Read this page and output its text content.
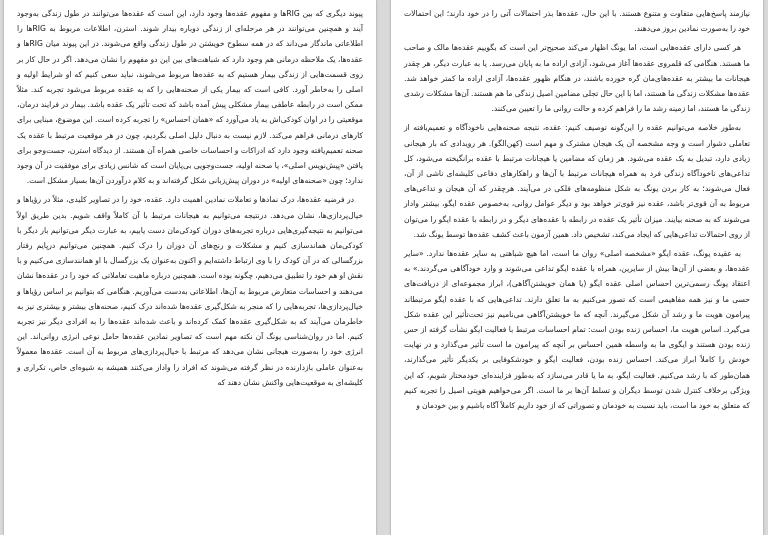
پیوند دیگری که بین RIGها و مفهوم عقده‌ها وجود دارد، این است که عقده‌ها می‌توانند در طول زندگی به‌وجود آیند و همچنین می‌توانند در هر مرحله‌ای از زندگی دوباره بیدار شوند. استرن، اطلاعات مربوط به RIGها را اطلاعاتی ماندگار می‌داند که در همه سطوح خویشتن در طول زندگی واقع می‌شوند. در این پیوند میان RIGها و عقده‌ها، یک ملاحظه درمانی هم وجود دارد که شباهت‌های بین این دو مفهوم را نشان می‌دهد. اگر در حال کار بر روی قسمت‌هایی از زندگی بیمار هستیم که به عقده‌ها مربوط می‌شوند، نباید سعی کنیم که او شرایط اولیه و اصلی را به‌خاطر آورد. کافی است که بیمار یکی از صحنه‌هایی را که به عقده مربوط می‌شود تجربه کند. مثلاً ممکن است در رابطه عاطفی بیمار مشکلی پیش آمده باشد که تحت تأثیر یک عقده باشد. بیمار در فرایند درمان، موقعیتی را در اوان کودکی‌اش به یاد می‌آورد که «همان احساس» را تجربه کرده است. این موضوع، مبنایی برای کارهای درمانی فراهم می‌کند. لازم نیست به دنبال دلیل اصلی بگردیم، چون در هر موقعیت مرتبط با عقده یک صحنه تعمیم‌یافته وجود دارد که ادراکات و احساسات خاصی همراه آن هستند. از دیدگاه استرن، جست‌وجو برای یافتن «پیش‌نویس اصلی»، یا صحنه اولیه، جست‌وجویی بی‌پایان است که شانس زیادی برای موفقیت در آن وجود ندارد؛ چون «صحنه‌های اولیه» در دوران پیش‌زبانی شکل گرفته‌اند و به کلام درآوردن آن‌ها بسیار مشکل است.

در فرضیه عقده‌ها، درک نمادها و تعاملات نمادین اهمیت دارد. عقده، خود را در تصاویر کلیدی، مثلاً در رؤیاها و خیال‌پردازی‌ها، نشان می‌دهد. درنتیجه می‌توانیم به هیجانات مرتبط با آن کاملاً واقف شویم. بدین طریق اولاً می‌توانیم به نتیجه‌گیری‌هایی درباره تجربه‌های دوران کودکی‌مان دست یابیم، به عبارت دیگر می‌توانیم بار دیگر با کودکی‌مان هماندسازی کنیم و مشکلات و رنج‌های آن دوران را درک کنیم. همچنین می‌توانیم درپایم رفتار بزرگسالی که در آن کودک را با وی ارتباط داشته‌ایم و اکنون به‌عنوان یک بزرگسال با او همانندسازی می‌کنیم و با نقش او هم خود را تطبیق می‌دهیم، چگونه بوده است. همچنین درباره ماهیت تعاملاتی که خود را در عقده‌ها نشان می‌دهند و احساسات متعارض مربوط به آن‌ها، اطلاعاتی به‌دست می‌آوریم. هنگامی که بتوانیم بر اساس رؤیاها و خیال‌پردازی‌ها، تجربه‌هایی را که منجر به شکل‌گیری عقده‌ها شده‌اند درک کنیم، صحنه‌های بیشتر و بیشتری نیز به خاطرمان می‌آیند که به شکل‌گیری عقده‌ها کمک کرده‌اند و باعث شده‌اند عقده‌ها را به افرادی دیگر نیز تجربه کنیم. اما در روان‌شناسی یونگ آن نکته مهم است که تصاویر نمادین عقده‌ها حامل نوعی انرژی روانی‌اند. این انرژی خود را به‌صورت هیجانی نشان می‌دهد که مرتبط با خیال‌پردازی‌های مربوط به آن است. عقده‌ها معمولاً به‌عنوان عاملی بازدارنده در نظر گرفته می‌شوند که افراد را وادار می‌کنند همیشه به شیوه‌ای خاص، تکراری و کلیشه‌ای به موقعیت‌هایی واکنش نشان دهند که

نیازمند پاسخ‌هایی متفاوت و متنوع هستند. با این حال، عقده‌ها بذر احتمالات آتی را در خود دارند؛ این احتمالات خود را به‌صورت نمادین بروز می‌دهند.

هر کسی دارای عقده‌هایی است، اما یونگ اظهار می‌کند صحیح‌تر این است که بگوییم عقده‌ها مالک و صاحب ما هستند. هنگامی که قلمروی عقده‌ها آغاز می‌شود، آزادی اراده ما به پایان می‌رسد. یا به عبارت دیگر، هر چقدر هیجانات ما بیشتر به عقده‌های‌مان گره خورده باشند، در هنگام ظهور عقده‌ها، آزادی اراده ما کمتر خواهد شد. عقده‌ها مشکلات زندگی ما هستند، اما با این حال تجلی مضامین اصیل زندگی ما هم هستند. آن‌ها مشکلات رشدی زندگی ما هستند، اما زمینه رشد ما را فراهم کرده و حالت روانی ما را تعیین می‌کنند.

به‌طور خلاصه می‌توانیم عقده را این‌گونه توصیف کنیم: عقده، نتیجه صحنه‌هایی ناخودآگاه و تعمیم‌یافته از تعاملی دشوار است و وجه مشخصه آن یک هیجان مشترک و مهم است (کهن‌الگو). هر رویدادی که بار هیجانی زیادی دارد، تبدیل به یک عقده می‌شود. هر زمان که مضامین یا هیجانات مرتبط با عقده برانگیخته می‌شود، کل تداعی‌های ناخودآگاه زندگی فرد به همراه هیجانات مرتبط با آن‌ها و راهکارهای دفاعی کلیشه‌ای ناشی از آن، فعال می‌شوند؛ به کار بردن یونگ به شکل منظومه‌های فلکی در می‌آیند. هرچقدر که آن هیجان و تداعی‌های مربوط به آن قوی‌تر باشد، عقده نیز قوی‌تر خواهد بود و دیگر عوامل روانی، به‌خصوص عقده ایگو، بیشتر وادار می‌شوند که به صحنه بیایند. میزان تأثیر یک عقده در رابطه با عقده‌های دیگر و در رابطه با عقده ایگو را می‌توان از روی احتمالات تداعی‌هایی که ایجاد می‌کند، تشخیص داد. همین آزمون باعث کشف عقده‌ها توسط یونگ شد.

به عقیده یونگ، عقده ایگو «مشخصه اصلی» روان ما است، اما هیچ شباهتی به سایر عقده‌ها ندارد. «سایر عقده‌ها، و بعضی از آن‌ها بیش از سایرین، همراه با عقده ایگو تداعی می‌شوند و وارد خودآگاهی می‌گردند.» به اعتقاد یونگ رسمی‌ترین احساس اصلی عقده ایگو (یا همان خویشتن‌آگاهی)، ابراز مجموعه‌ای از دریافت‌های حسی ما و نیز همه مفاهیمی است که تصور می‌کنیم به ما تعلق دارند. تداعی‌هایی که با عقده ایگو مرتبطاند پیرامون هویت ما و رشد آن شکل می‌گیرند. آنچه که ما خویشتن‌آگاهی می‌نامیم نیز تحت‌تأثیر این عقده شکل می‌گیرد. اساس هویت ما، احساس زنده بودن است: تمام احساسات مرتبط با فعالیت ایگو نشأت گرفته از حس زنده بودن هستند و ایگوی ما به واسطه همین احساس بر آنچه که پیرامون ما است تأثیر می‌گذارد و در نهایت خودش را کاملاً ابراز می‌کند. احساس زنده بودن، فعالیت ایگو و خودشکوفایی بر یکدیگر تأثیر می‌گذارند، همان‌طور که با رشد می‌کنیم. فعالیت ایگو، به ما یا قادر می‌سازد که به‌طور فزاینده‌ای خودمختار شویم، که این ویژگی برخلاف کنترل شدن توسط دیگران و تسلط آن‌ها بر ما است. اگر می‌خواهیم هویتی اصیل را تجربه کنیم که متعلق به خود ما است، باید نسبت به خودمان و تصوراتی که از خود داریم کاملاً آگاه باشیم و بین خودمان و
